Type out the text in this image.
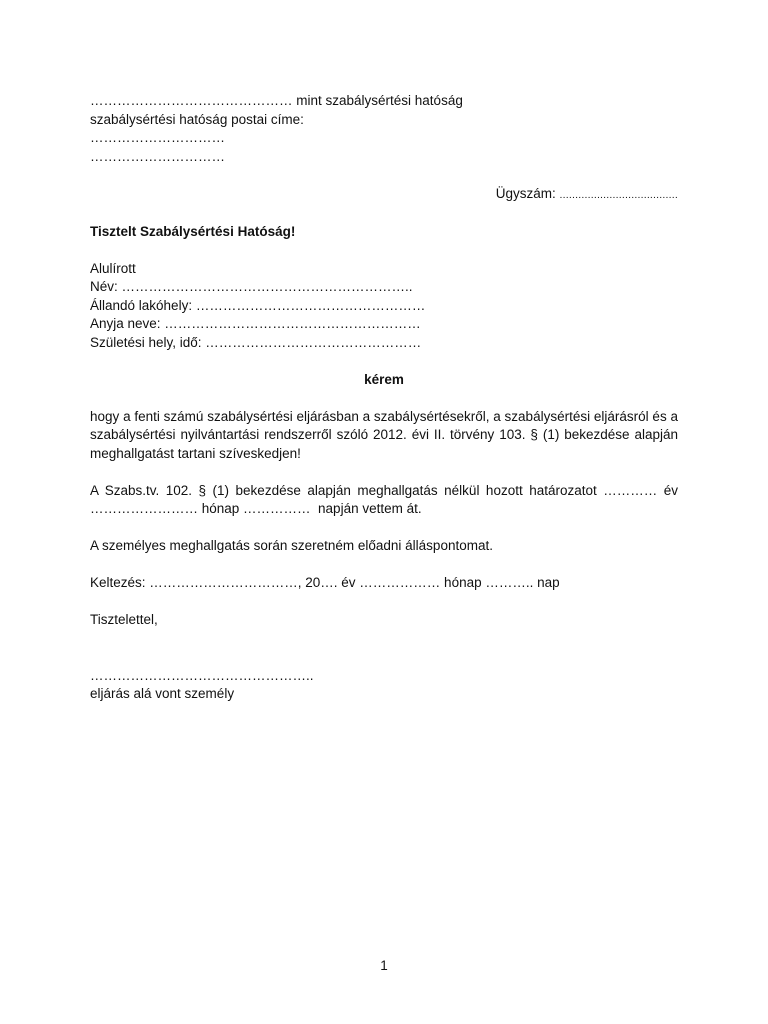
……………………………………… mint szabálysértési hatóság
szabálysértési hatóság postai címe:
…………………………
…………………………
Ügyszám: ......................................
Tisztelt Szabálysértési Hatóság!
Alulírott
Név: ………………………………………………………..
Állandó lakóhely: ……………………………………………
Anyja neve: …………………………………………………
Születési hely, idő: …………………………………………
kérem
hogy a fenti számú szabálysértési eljárásban a szabálysértésekről, a szabálysértési eljárásról és a szabálysértési nyilvántartási rendszerről szóló 2012. évi II. törvény 103. § (1) bekezdése alapján meghallgatást tartani szíveskedjen!
A Szabs.tv. 102. § (1) bekezdése alapján meghallgatás nélkül hozott határozatot ………… év
…………………… hónap ……………  napján vettem át.
A személyes meghallgatás során szeretném előadni álláspontomat.
Keltezés: ……………………………, 20…. év ……………… hónap ……….. nap
Tisztelettel,
…………………………………………..
eljárás alá vont személy
1
